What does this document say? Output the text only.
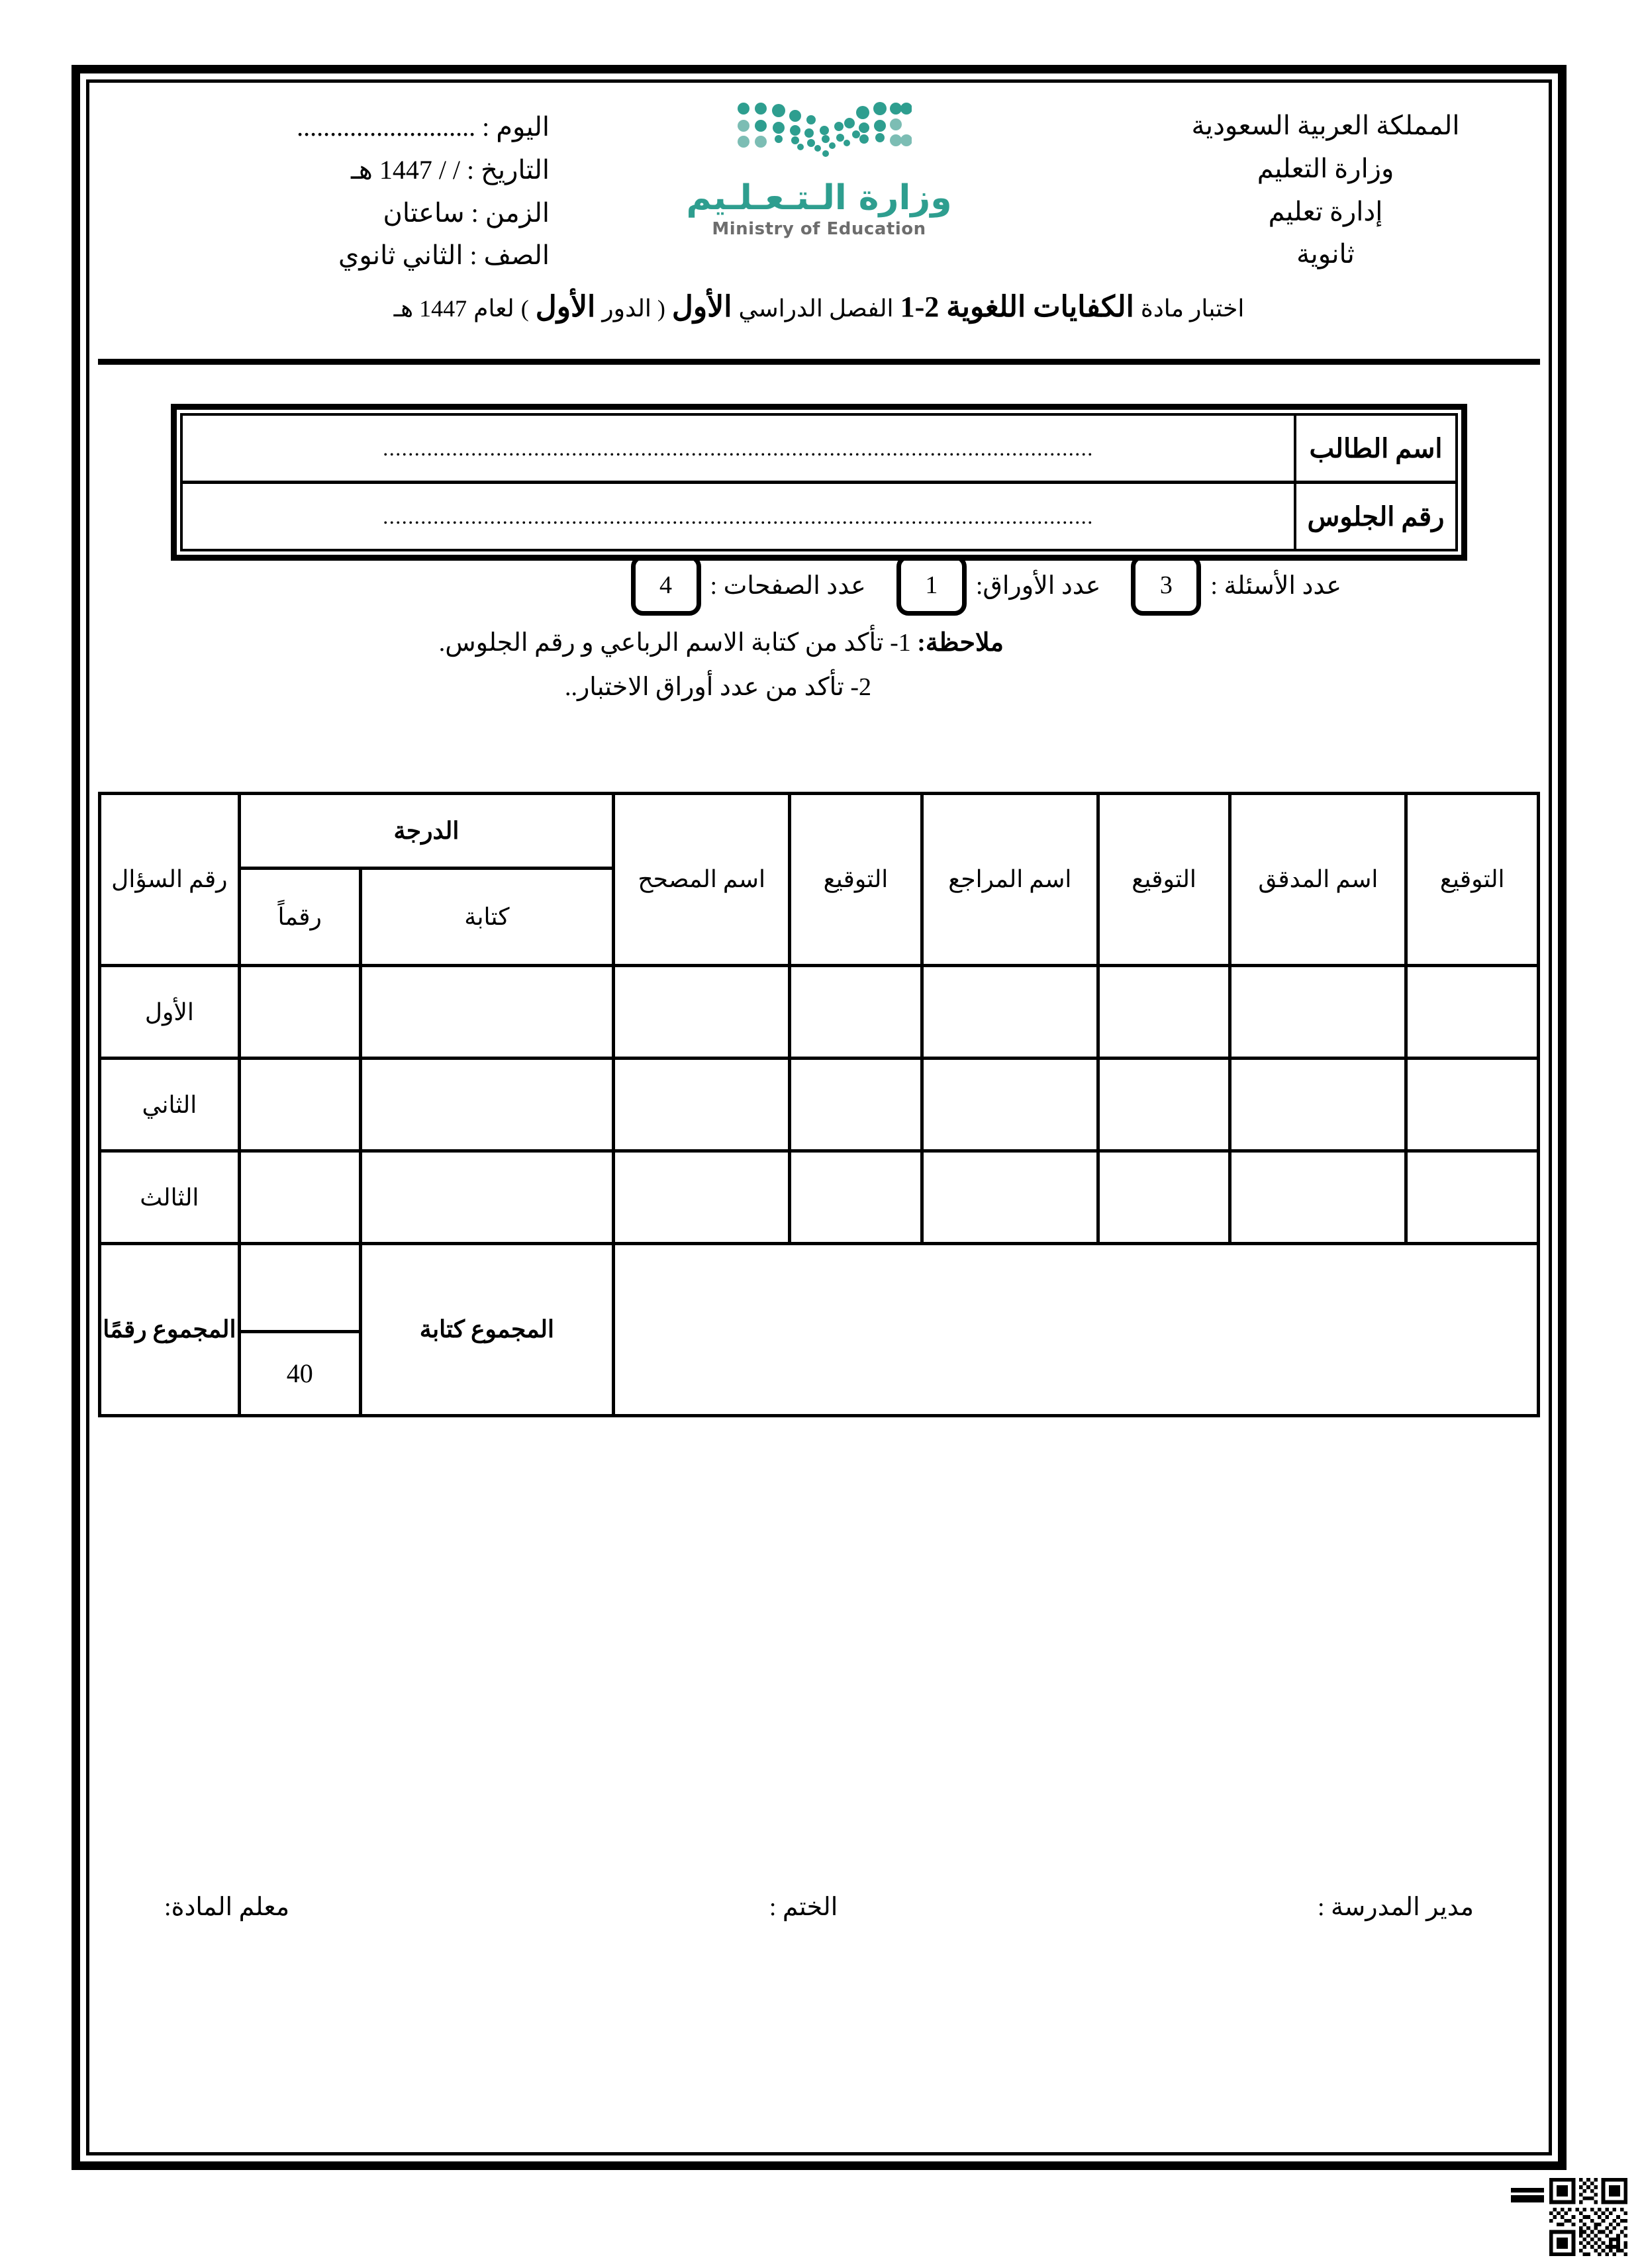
المملكة العربية السعودية
وزارة التعليم
إدارة تعليم
ثانوية
وزارة الـتـعـلـيم
Ministry of Education
اليوم : ...........................
التاريخ : / / 1447 هـ
الزمن : ساعتان
الصف : الثاني ثانوي
اختبار مادة الكفايات اللغوية 2-1 الفصل الدراسي الأول ( الدور الأول ) لعام 1447 هـ
اسم الطالب
.................................................................................................................
رقم الجلوس
.................................................................................................................
عدد الأسئلة :
3
عدد الأوراق:
1
عدد الصفحات :
4
ملاحظة: 1- تأكد من كتابة الاسم الرباعي و رقم الجلوس.
2- تأكد من عدد أوراق الاختبار..
التوقيع	اسم المدقق	التوقيع	اسم المراجع	التوقيع	اسم المصحح	الدرجة		رقم السؤال
						كتابة	رقماً	
								الأول
								الثاني
								الثالث
						المجموع كتابة	40	المجموع رقمًا
مدير المدرسة :
الختم :
معلم المادة:
